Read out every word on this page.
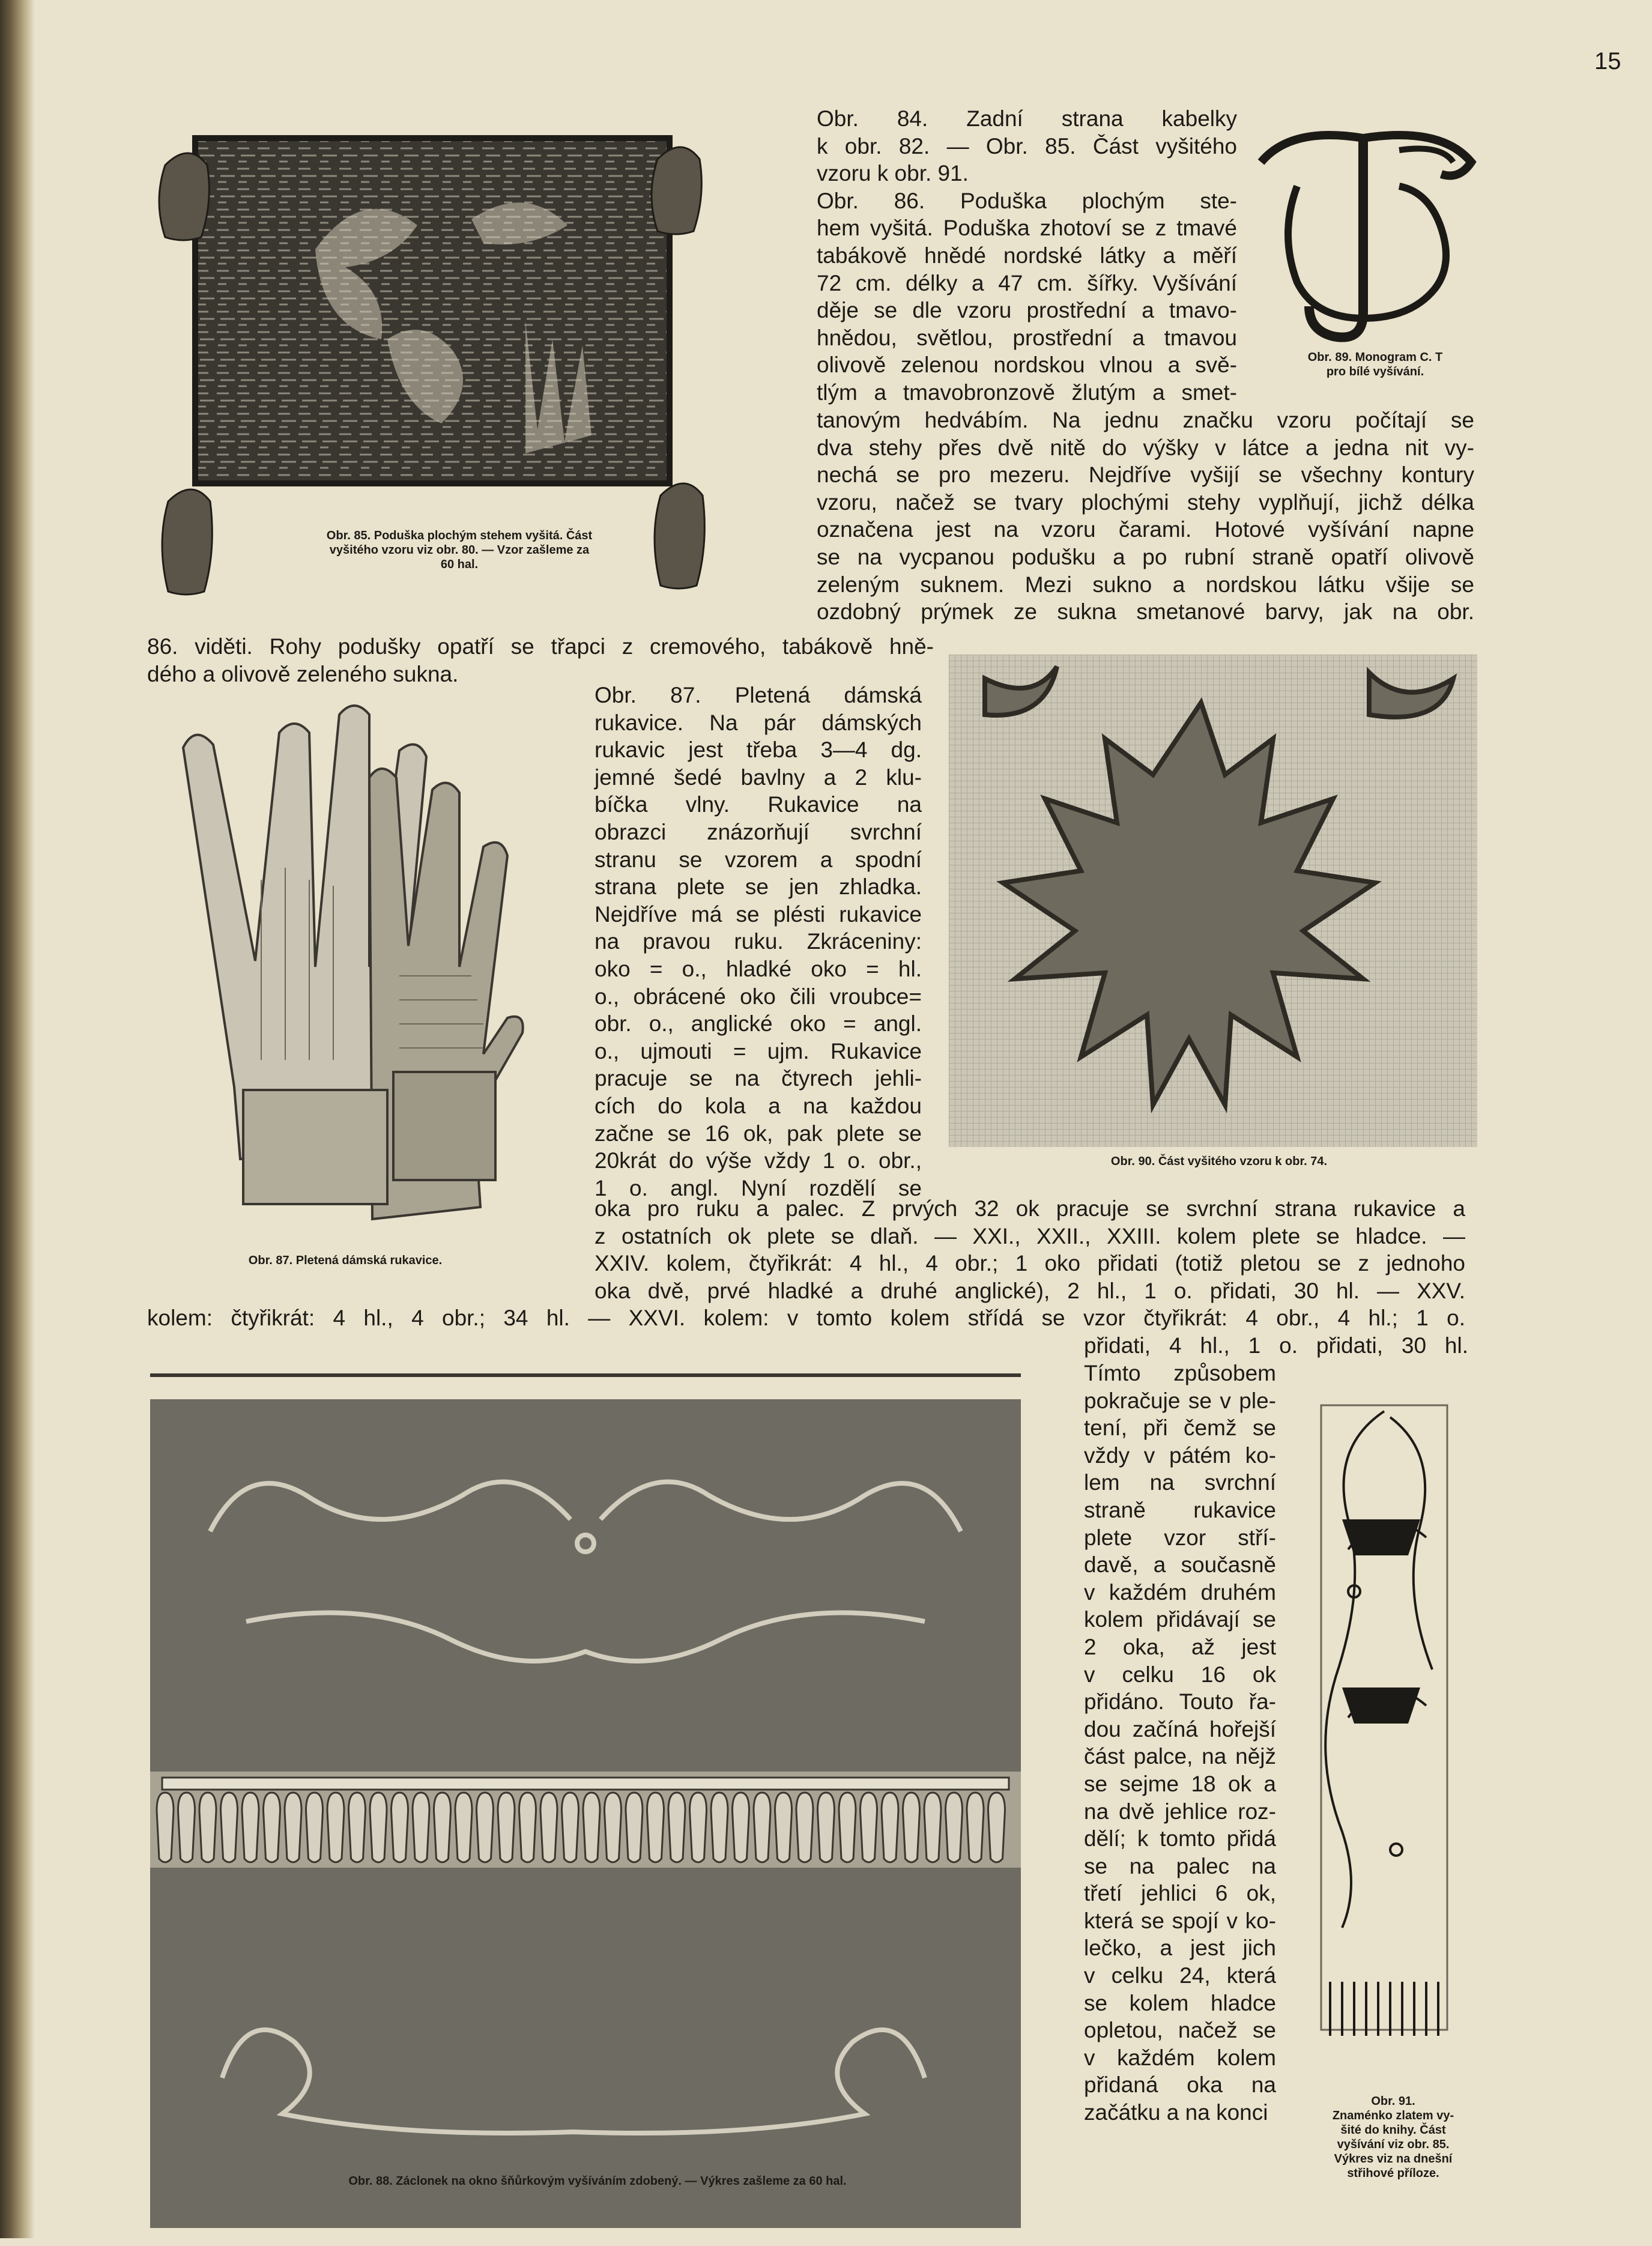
15
Obr. 85. Poduška plochým stehem vyšitá. Část
vyšitého vzoru viz obr. 80. — Vzor zašleme za
60 hal.
Obr. 89. Monogram C. T
pro bílé vyšívání.
Obr. 84. Zadní strana kabelky
k obr. 82. — Obr. 85. Část vyšitého
vzoru k obr. 91.
Obr. 86. Poduška plochým ste-
hem vyšitá. Poduška zhotoví se z tmavé
tabákově hnědé nordské látky a měří
72 cm. délky a 47 cm. šířky. Vyšívání
děje se dle vzoru prostřední a tmavo-
hnědou, světlou, prostřední a tmavou
olivově zelenou nordskou vlnou a svě-
tlým a tmavobronzově žlutým a smet-
tanovým hedvábím. Na jednu značku vzoru počítají se
dva stehy přes dvě nitě do výšky v látce a jedna nit vy-
nechá se pro mezeru. Nejdříve vyšijí se všechny kontury
vzoru, načež se tvary plochými stehy vyplňují, jichž délka
označena jest na vzoru čarami. Hotové vyšívání napne
se na vycpanou podušku a po rubní straně opatří olivově
zeleným suknem. Mezi sukno a nordskou látku všije se
ozdobný prýmek ze sukna smetanové barvy, jak na obr.
86. viděti. Rohy podušky opatří se třapci z cremového, tabákově hně-
dého a olivově zeleného sukna.
Obr. 87. Pletená dámská rukavice.
Obr. 87. Pletená dámská
rukavice. Na pár dámských
rukavic jest třeba 3—4 dg.
jemné šedé bavlny a 2 klu-
bíčka vlny. Rukavice na
obrazci znázorňují svrchní
stranu se vzorem a spodní
strana plete se jen zhladka.
Nejdříve má se plésti rukavice
na pravou ruku. Zkráceniny:
oko = o., hladké oko = hl.
o., obrácené oko čili vroubce=
obr. o., anglické oko = angl.
o., ujmouti = ujm. Rukavice
pracuje se na čtyrech jehli-
cích do kola a na každou
začne se 16 ok, pak plete se
20krát do výše vždy 1 o. obr.,
1 o. angl. Nyní rozdělí se
Obr. 90. Část vyšitého vzoru k obr. 74.
oka pro ruku a palec. Z prvých 32 ok pracuje se svrchní strana rukavice a
z ostatních ok plete se dlaň. — XXI., XXII., XXIII. kolem plete se hladce. —
XXIV. kolem, čtyřikrát: 4 hl., 4 obr.; 1 oko přidati (totiž pletou se z jednoho
oka dvě, prvé hladké a druhé anglické), 2 hl., 1 o. přidati, 30 hl. — XXV.
kolem: čtyřikrát: 4 hl., 4 obr.; 34 hl. — XXVI. kolem: v tomto kolem střídá se vzor čtyřikrát: 4 obr., 4 hl.; 1 o.
Obr. 88. Záclonek na okno šňůrkovým vyšíváním zdobený. — Výkres zašleme za 60 hal.
přidati, 4 hl., 1 o. přidati, 30 hl.
Tímto způsobem
pokračuje se v ple-
tení, při čemž se
vždy v pátém ko-
lem na svrchní
straně rukavice
plete vzor stří-
davě, a současně
v každém druhém
kolem přidávají se
2 oka, až jest
v celku 16 ok
přidáno. Touto řa-
dou začíná hořejší
část palce, na nějž
se sejme 18 ok a
na dvě jehlice roz-
dělí; k tomto přidá
se na palec na
třetí jehlici 6 ok,
která se spojí v ko-
lečko, a jest jich
v celku 24, která
se kolem hladce
opletou, načež se
v každém kolem
přidaná oka na
začátku a na konci	Obr. 91.
Znaménko zlatem vy-
šité do knihy. Část
vyšívání viz obr. 85.
Výkres viz na dnešní
střihové příloze.
